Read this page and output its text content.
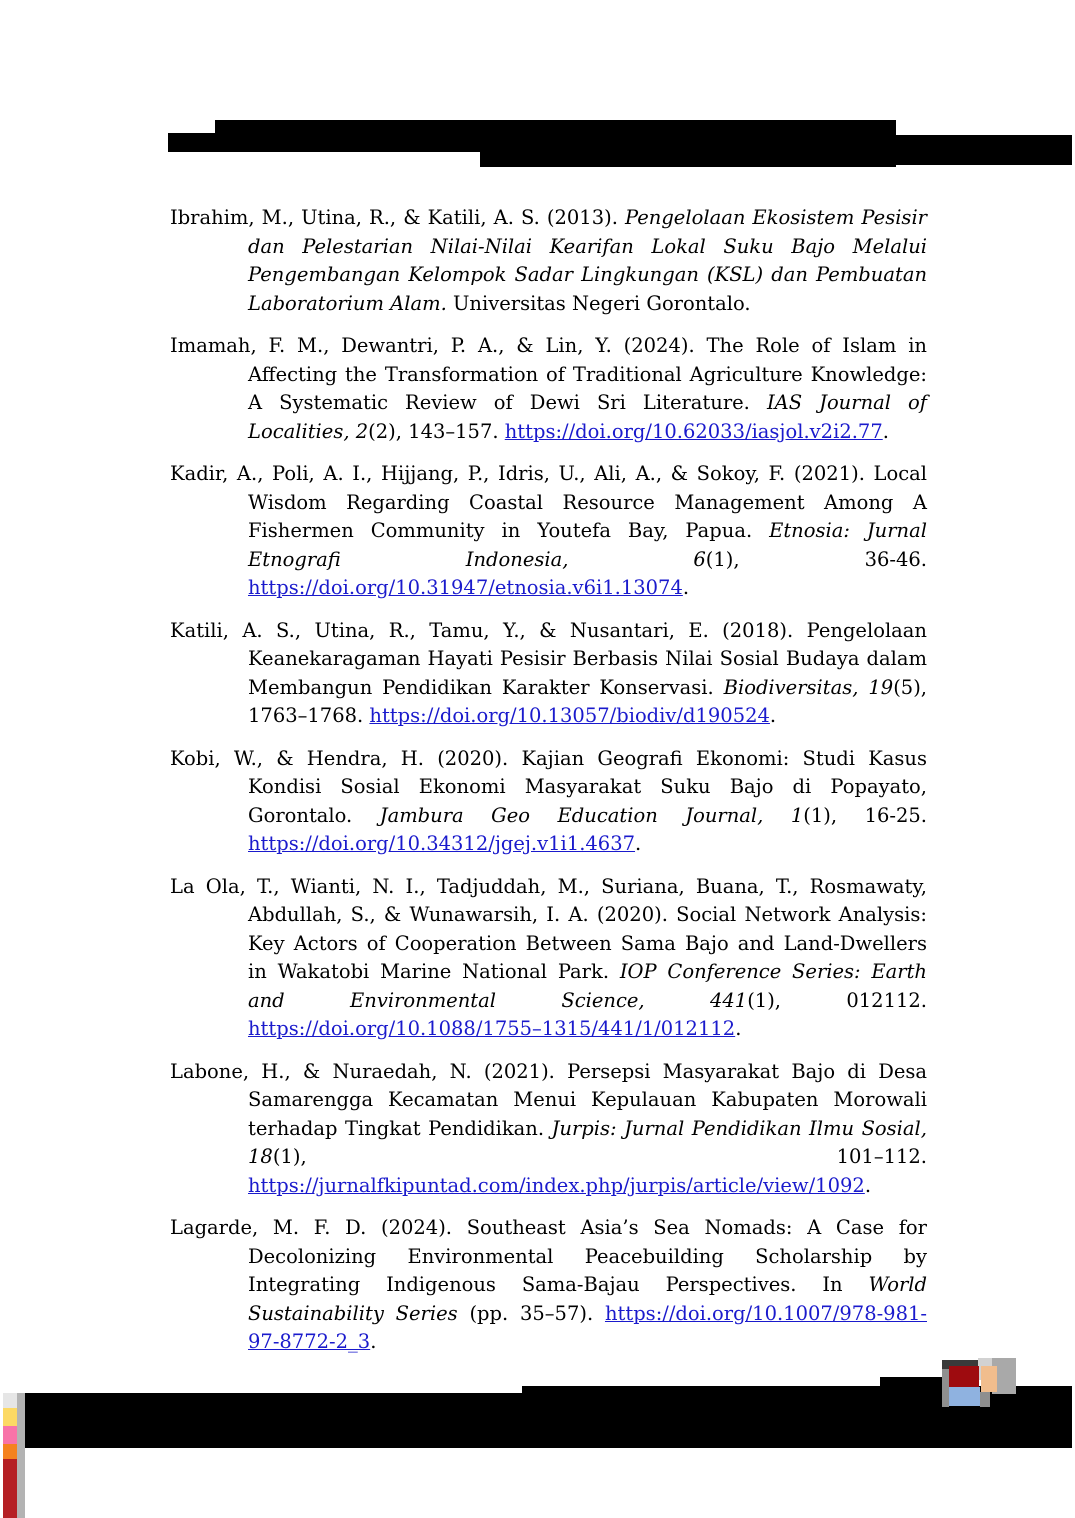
Ibrahim, M., Utina, R., & Katili, A. S. (2013). Pengelolaan Ekosistem Pesisir dan Pelestarian Nilai-Nilai Kearifan Lokal Suku Bajo Melalui Pengembangan Kelompok Sadar Lingkungan (KSL) dan Pembuatan Laboratorium Alam. Universitas Negeri Gorontalo.

Imamah, F. M., Dewantri, P. A., & Lin, Y. (2024). The Role of Islam in Affecting the Transformation of Traditional Agriculture Knowledge: A Systematic Review of Dewi Sri Literature. IAS Journal of Localities, 2(2), 143–157. https://doi.org/10.62033/iasjol.v2i2.77.

Kadir, A., Poli, A. I., Hijjang, P., Idris, U., Ali, A., & Sokoy, F. (2021). Local Wisdom Regarding Coastal Resource Management Among A Fishermen Community in Youtefa Bay, Papua. Etnosia: Jurnal Etnografi Indonesia, 6(1), 36-46. https://doi.org/10.31947/etnosia.v6i1.13074.

Katili, A. S., Utina, R., Tamu, Y., & Nusantari, E. (2018). Pengelolaan Keanekaragaman Hayati Pesisir Berbasis Nilai Sosial Budaya dalam Membangun Pendidikan Karakter Konservasi. Biodiversitas, 19(5), 1763–1768. https://doi.org/10.13057/biodiv/d190524.

Kobi, W., & Hendra, H. (2020). Kajian Geografi Ekonomi: Studi Kasus Kondisi Sosial Ekonomi Masyarakat Suku Bajo di Popayato, Gorontalo. Jambura Geo Education Journal, 1(1), 16-25. https://doi.org/10.34312/jgej.v1i1.4637.

La Ola, T., Wianti, N. I., Tadjuddah, M., Suriana, Buana, T., Rosmawaty, Abdullah, S., & Wunawarsih, I. A. (2020). Social Network Analysis: Key Actors of Cooperation Between Sama Bajo and Land-Dwellers in Wakatobi Marine National Park. IOP Conference Series: Earth and Environmental Science, 441(1), 012112. https://doi.org/10.1088/1755–1315/441/1/012112.

Labone, H., & Nuraedah, N. (2021). Persepsi Masyarakat Bajo di Desa Samarengga Kecamatan Menui Kepulauan Kabupaten Morowali terhadap Tingkat Pendidikan. Jurpis: Jurnal Pendidikan Ilmu Sosial, 18(1), 101–112. https://jurnalfkipuntad.com/index.php/jurpis/article/view/1092.

Lagarde, M. F. D. (2024). Southeast Asia’s Sea Nomads: A Case for Decolonizing Environmental Peacebuilding Scholarship by Integrating Indigenous Sama-Bajau Perspectives. In World Sustainability Series (pp. 35–57). https://doi.org/10.1007/978-981-97-8772-2_3.
